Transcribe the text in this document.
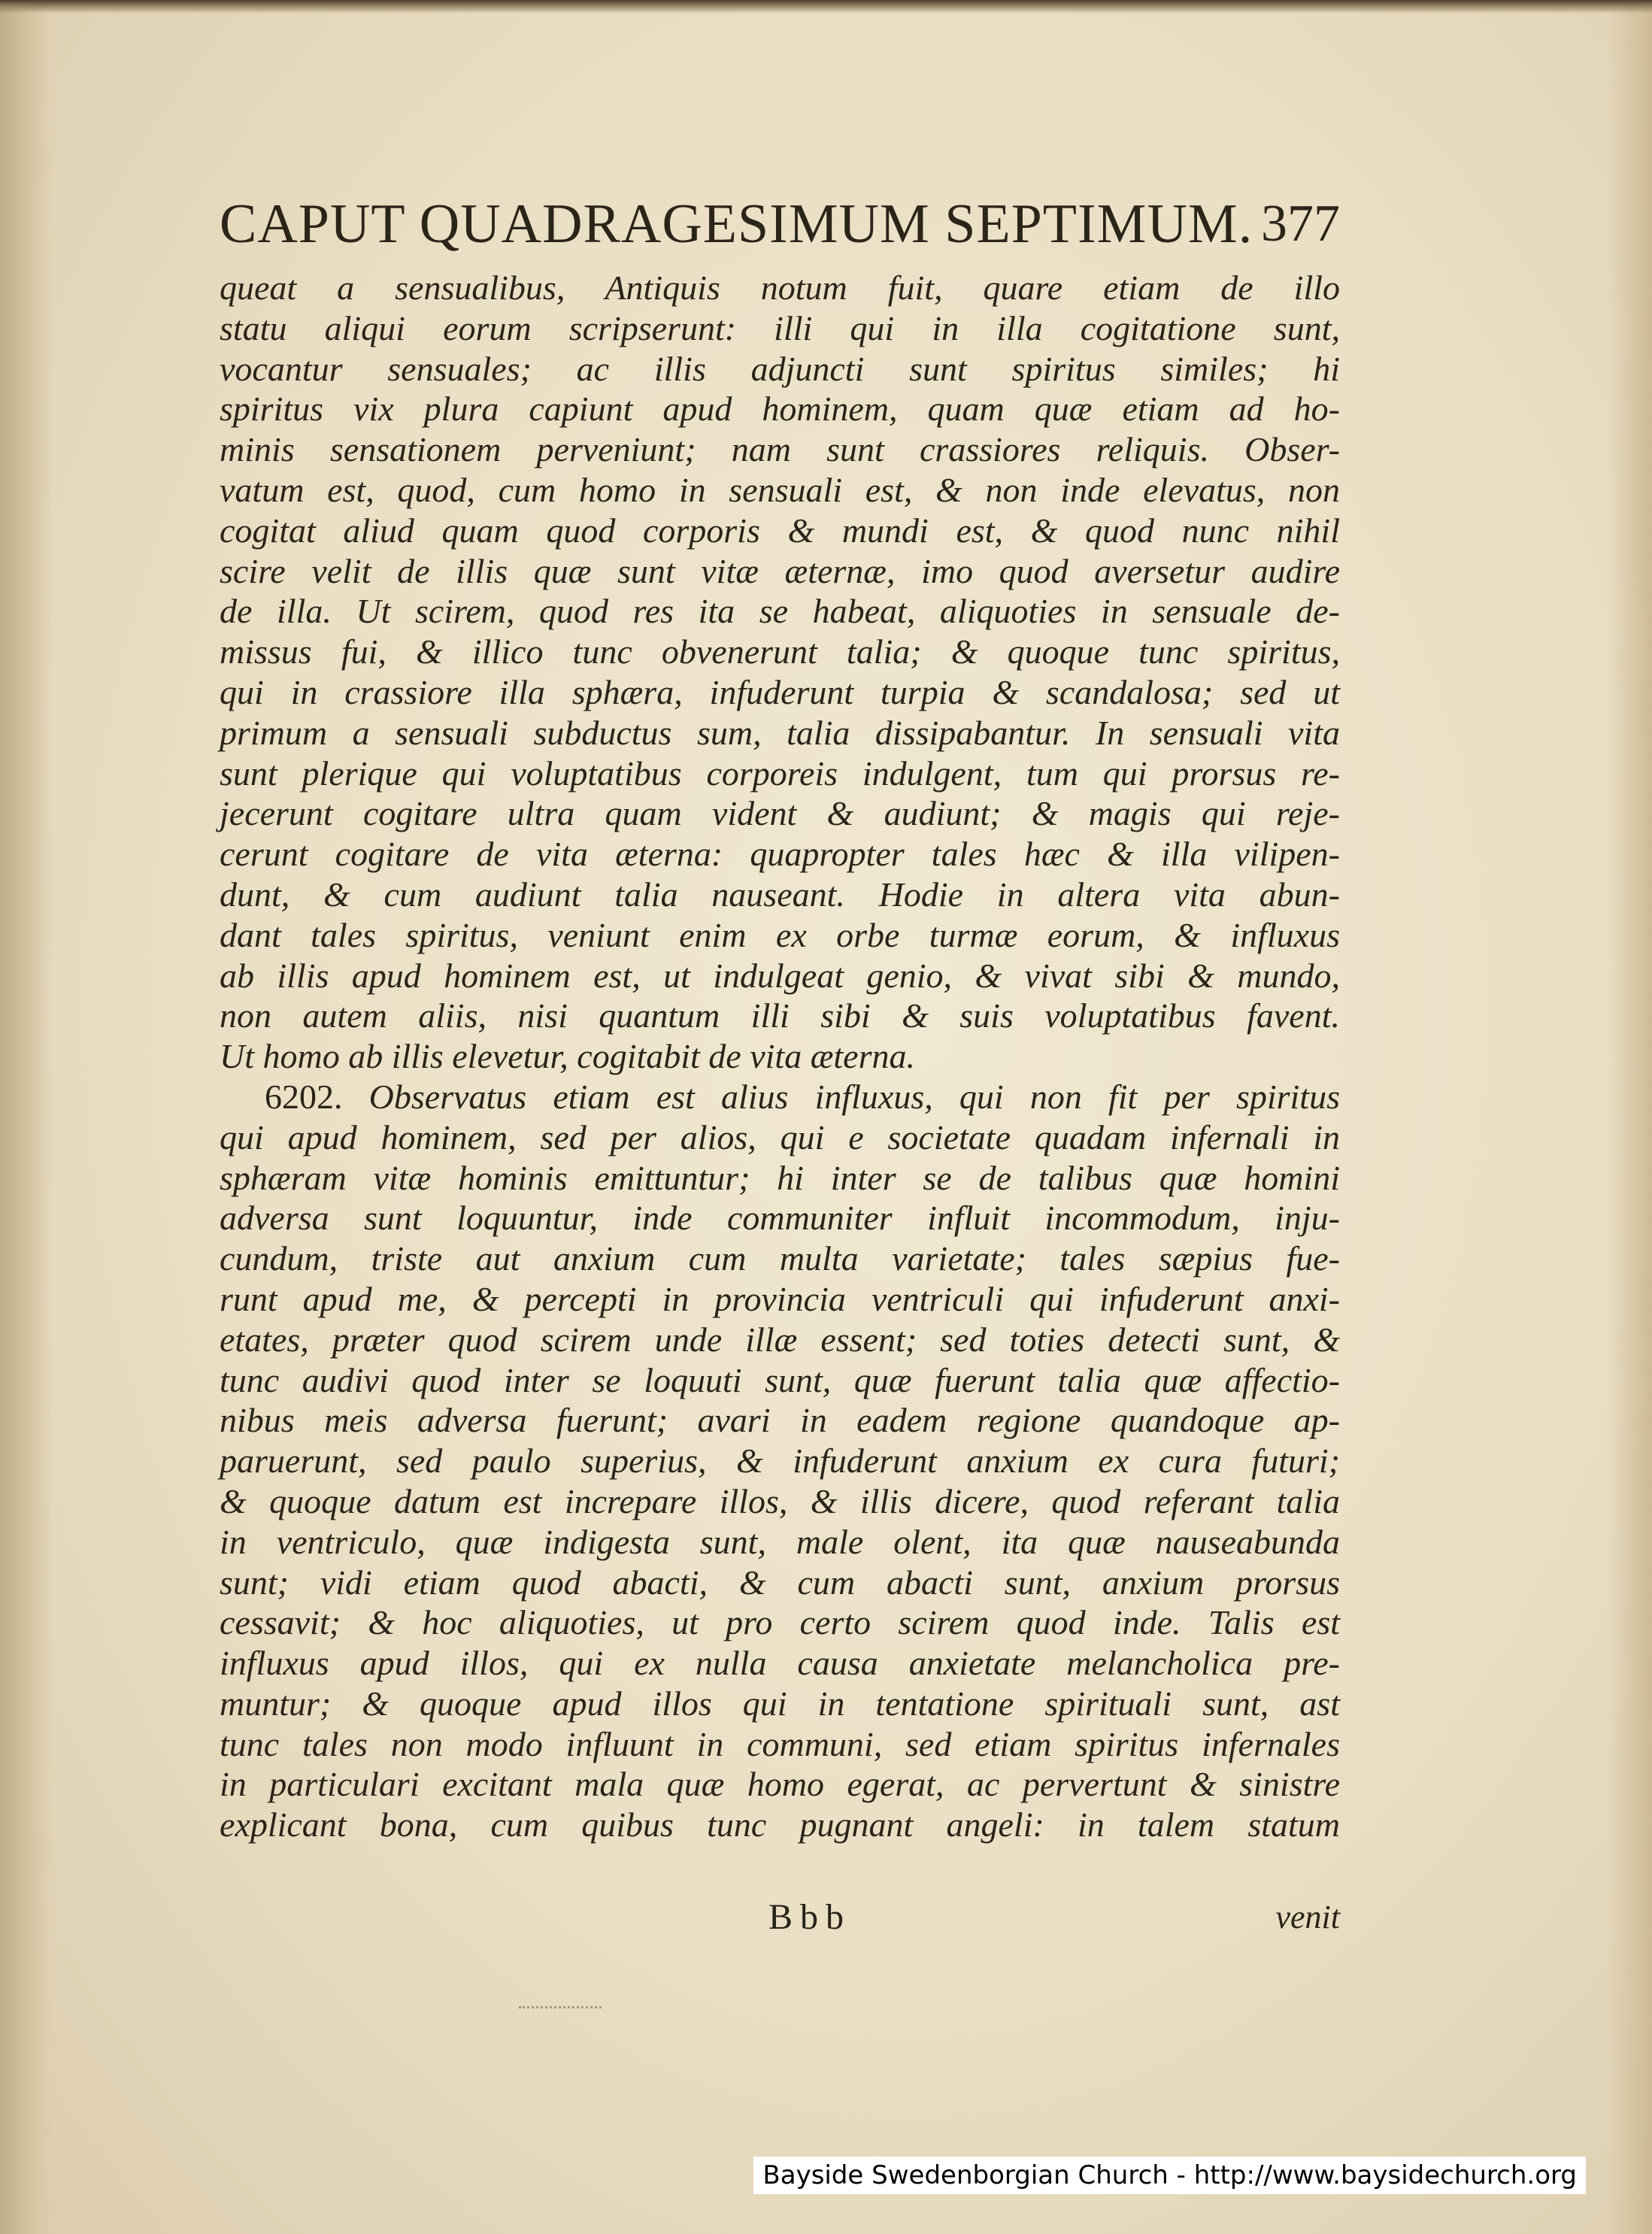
CAPUT QUADRAGESIMUM SEPTIMUM. 377
queat a sensualibus, Antiquis notum fuit, quare etiam de illo
statu aliqui eorum scripserunt: illi qui in illa cogitatione sunt,
vocantur sensuales; ac illis adjuncti sunt spiritus similes; hi
spiritus vix plura capiunt apud hominem, quam quæ etiam ad ho-
minis sensationem perveniunt; nam sunt crassiores reliquis. Obser-
vatum est, quod, cum homo in sensuali est, & non inde elevatus, non
cogitat aliud quam quod corporis & mundi est, & quod nunc nihil
scire velit de illis quæ sunt vitæ æternæ, imo quod aversetur audire
de illa. Ut scirem, quod res ita se habeat, aliquoties in sensuale de-
missus fui, & illico tunc obvenerunt talia; & quoque tunc spiritus,
qui in crassiore illa sphæra, infuderunt turpia & scandalosa; sed ut
primum a sensuali subductus sum, talia dissipabantur. In sensuali vita
sunt plerique qui voluptatibus corporeis indulgent, tum qui prorsus re-
jecerunt cogitare ultra quam vident & audiunt; & magis qui reje-
cerunt cogitare de vita æterna: quapropter tales hæc & illa vilipen-
dunt, & cum audiunt talia nauseant. Hodie in altera vita abun-
dant tales spiritus, veniunt enim ex orbe turmæ eorum, & influxus
ab illis apud hominem est, ut indulgeat genio, & vivat sibi & mundo,
non autem aliis, nisi quantum illi sibi & suis voluptatibus favent.
Ut homo ab illis elevetur, cogitabit de vita æterna.
6202. Observatus etiam est alius influxus, qui non fit per spiritus
qui apud hominem, sed per alios, qui e societate quadam infernali in
sphæram vitæ hominis emittuntur; hi inter se de talibus quæ homini
adversa sunt loquuntur, inde communiter influit incommodum, inju-
cundum, triste aut anxium cum multa varietate; tales sæpius fue-
runt apud me, & percepti in provincia ventriculi qui infuderunt anxi-
etates, præter quod scirem unde illæ essent; sed toties detecti sunt, &
tunc audivi quod inter se loquuti sunt, quæ fuerunt talia quæ affectio-
nibus meis adversa fuerunt; avari in eadem regione quandoque ap-
paruerunt, sed paulo superius, & infuderunt anxium ex cura futuri;
& quoque datum est increpare illos, & illis dicere, quod referant talia
in ventriculo, quæ indigesta sunt, male olent, ita quæ nauseabunda
sunt; vidi etiam quod abacti, & cum abacti sunt, anxium prorsus
cessavit; & hoc aliquoties, ut pro certo scirem quod inde. Talis est
influxus apud illos, qui ex nulla causa anxietate melancholica pre-
muntur; & quoque apud illos qui in tentatione spirituali sunt, ast
tunc tales non modo influunt in communi, sed etiam spiritus infernales
in particulari excitant mala quæ homo egerat, ac pervertunt & sinistre
explicant bona, cum quibus tunc pugnant angeli: in talem statum
Bbb	venit
Bayside Swedenborgian Church - http://www.baysidechurch.org
